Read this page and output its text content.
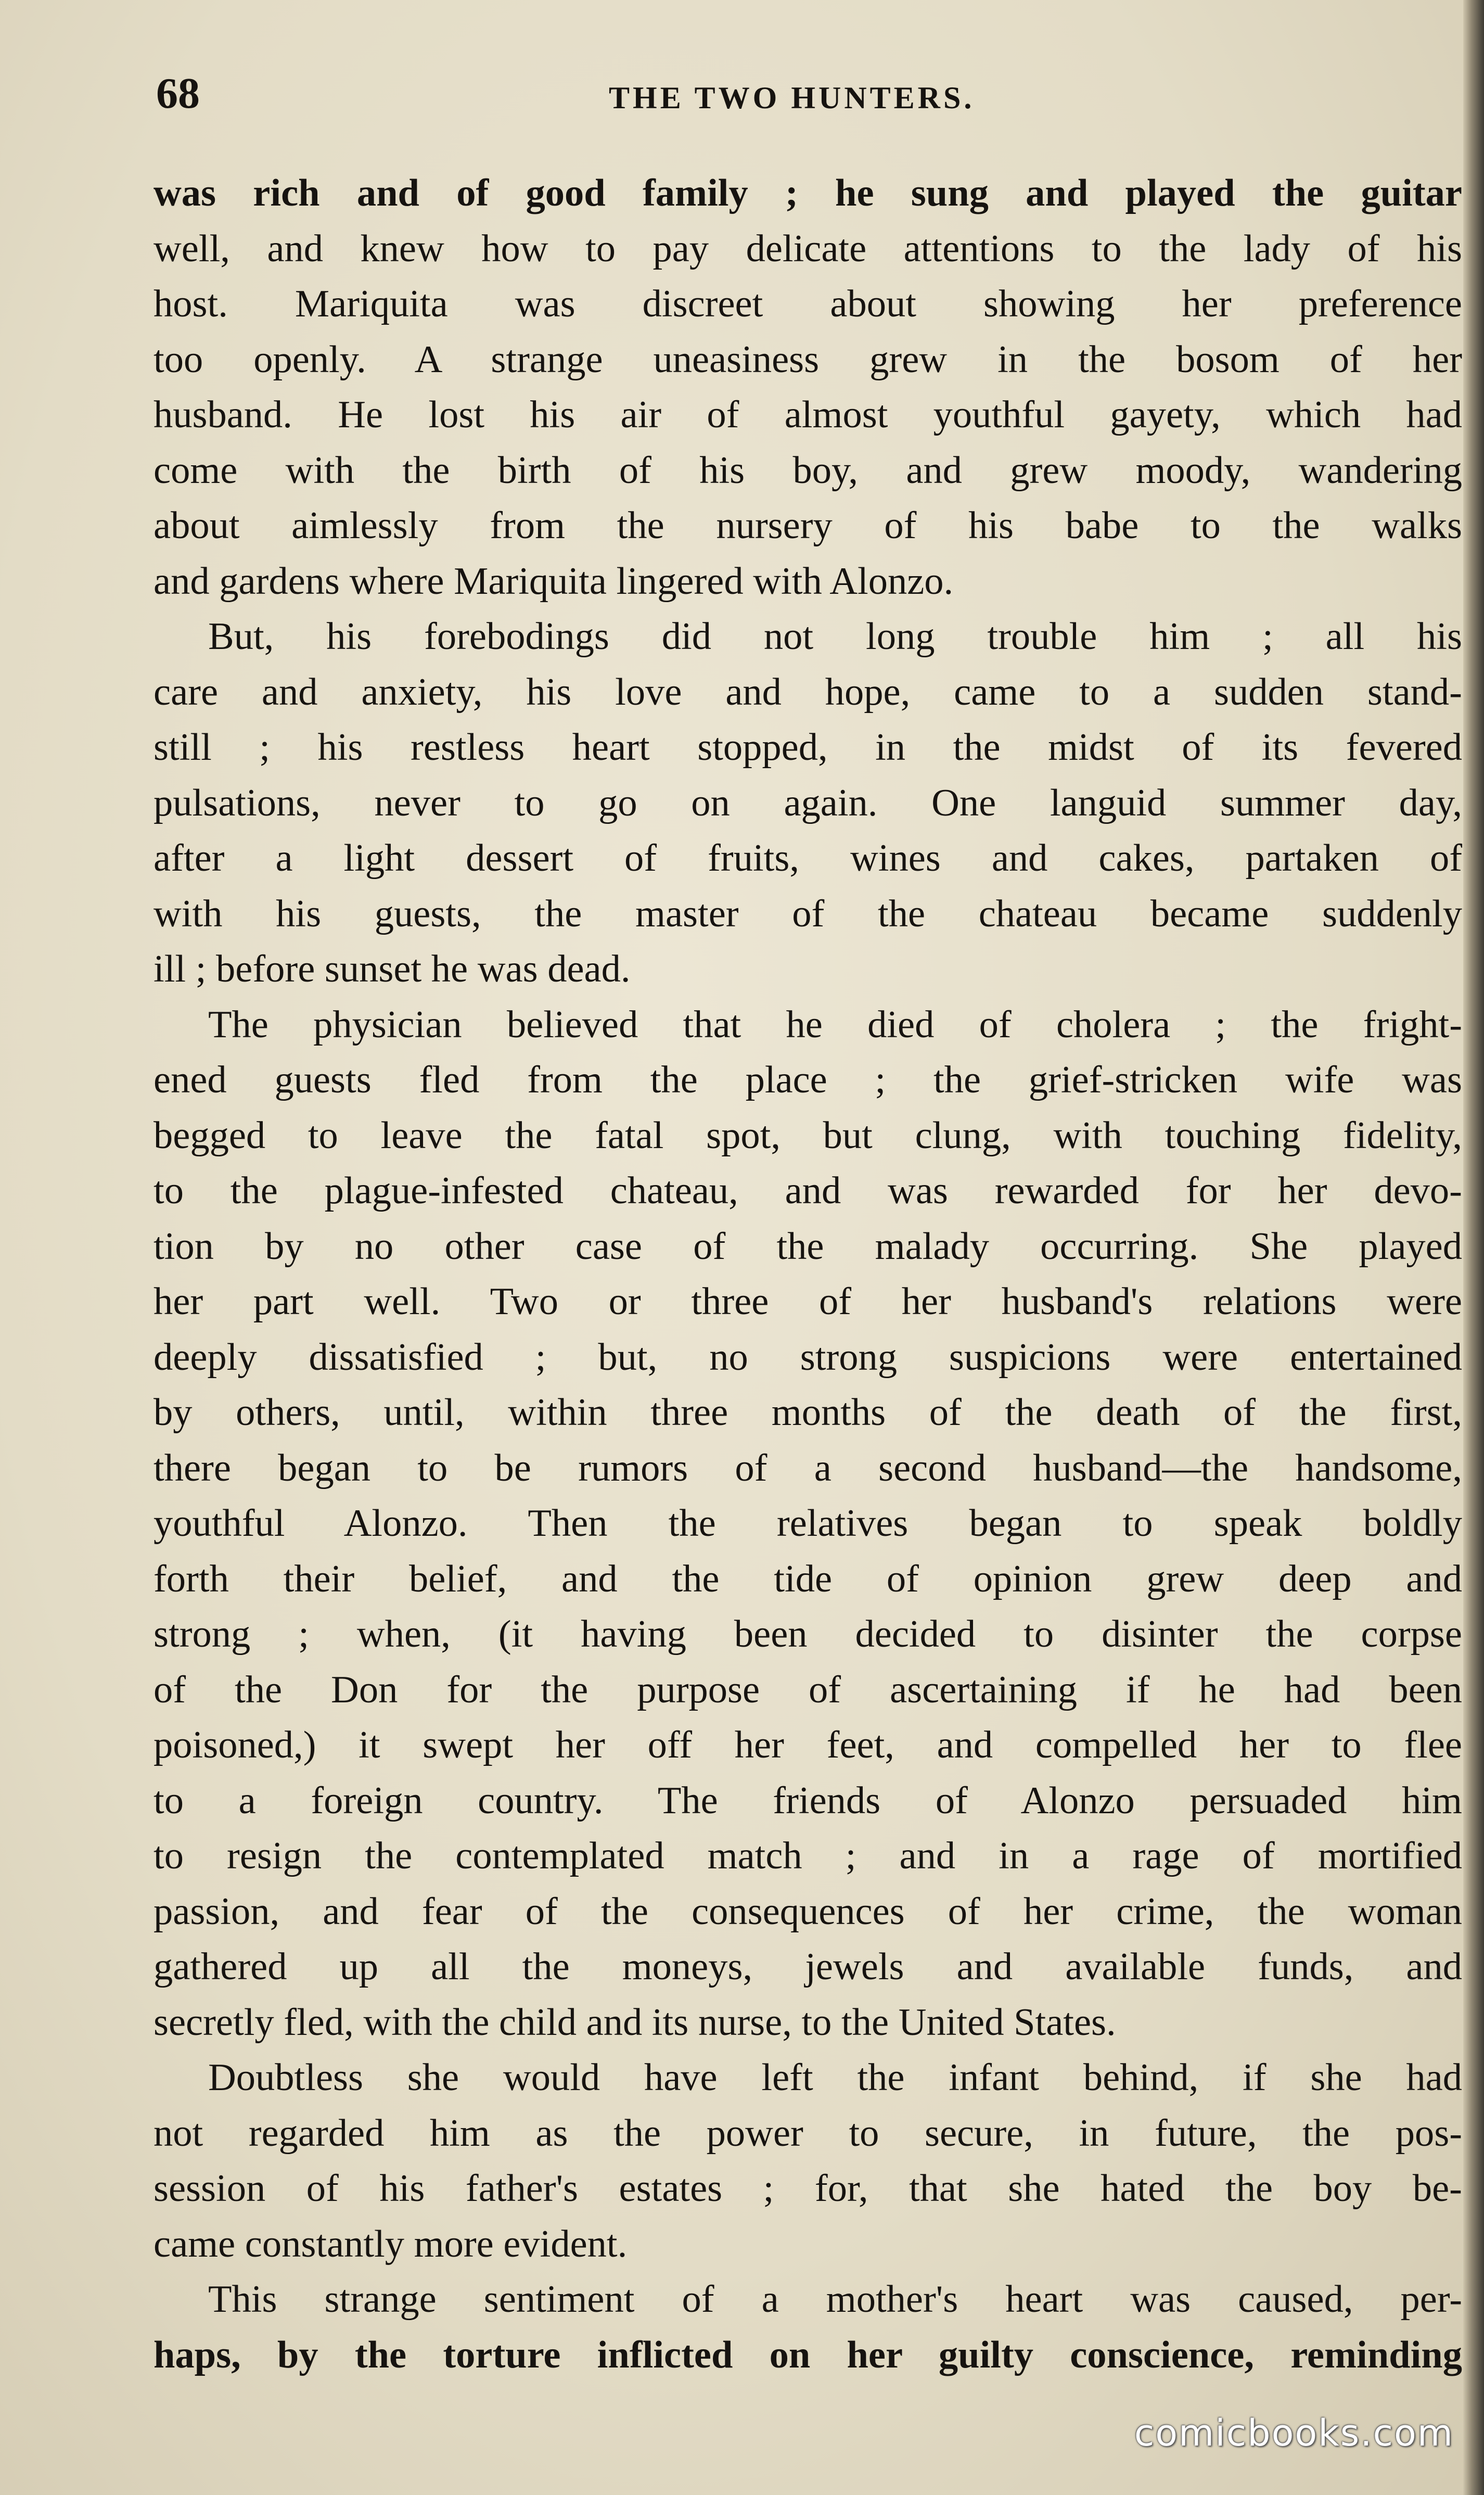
68	THE TWO HUNTERS.
was rich and of good family ; he sung and played the guitar
well, and knew how to pay delicate attentions to the lady of his
host. Mariquita was discreet about showing her preference
too openly. A strange uneasiness grew in the bosom of her
husband. He lost his air of almost youthful gayety, which had
come with the birth of his boy, and grew moody, wandering
about aimlessly from the nursery of his babe to the walks
and gardens where Mariquita lingered with Alonzo.
But, his forebodings did not long trouble him ; all his
care and anxiety, his love and hope, came to a sudden stand-
still ; his restless heart stopped, in the midst of its fevered
pulsations, never to go on again. One languid summer day,
after a light dessert of fruits, wines and cakes, partaken of
with his guests, the master of the chateau became suddenly
ill ; before sunset he was dead.
The physician believed that he died of cholera ; the fright-
ened guests fled from the place ; the grief-stricken wife was
begged to leave the fatal spot, but clung, with touching fidelity,
to the plague-infested chateau, and was rewarded for her devo-
tion by no other case of the malady occurring. She played
her part well. Two or three of her husband's relations were
deeply dissatisfied ; but, no strong suspicions were entertained
by others, until, within three months of the death of the first,
there began to be rumors of a second husband—the handsome,
youthful Alonzo. Then the relatives began to speak boldly
forth their belief, and the tide of opinion grew deep and
strong ; when, (it having been decided to disinter the corpse
of the Don for the purpose of ascertaining if he had been
poisoned,) it swept her off her feet, and compelled her to flee
to a foreign country. The friends of Alonzo persuaded him
to resign the contemplated match ; and in a rage of mortified
passion, and fear of the consequences of her crime, the woman
gathered up all the moneys, jewels and available funds, and
secretly fled, with the child and its nurse, to the United States.
Doubtless she would have left the infant behind, if she had
not regarded him as the power to secure, in future, the pos-
session of his father's estates ; for, that she hated the boy be-
came constantly more evident.
This strange sentiment of a mother's heart was caused, per-
haps, by the torture inflicted on her guilty conscience, reminding
comicbooks.com
